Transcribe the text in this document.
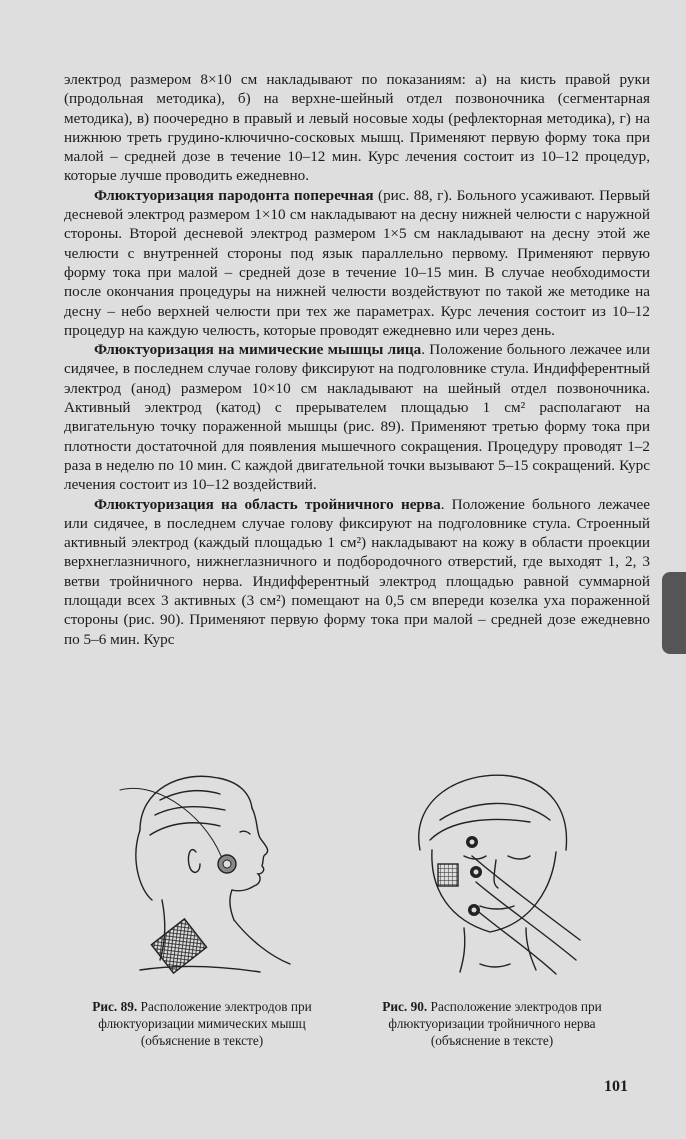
электрод размером 8×10 см накладывают по показаниям: а) на кисть правой руки (продольная методика), б) на верхне-шейный отдел позвоночника (сегментарная методика), в) поочередно в правый и левый носовые ходы (рефлекторная методика), г) на нижнюю треть грудино-ключично-сосковых мышц. Применяют первую форму тока при малой – средней дозе в течение 10–12 мин. Курс лечения состоит из 10–12 процедур, которые лучше проводить ежедневно.

Флюктуоризация пародонта поперечная (рис. 88, г). Больного усаживают. Первый десневой электрод размером 1×10 см накладывают на десну нижней челюсти с наружной стороны. Второй десневой электрод размером 1×5 см накладывают на десну этой же челюсти с внутренней стороны под язык параллельно первому. Применяют первую форму тока при малой – средней дозе в течение 10–15 мин. В случае необходимости после окончания процедуры на нижней челюсти воздействуют по такой же методике на десну – небо верхней челюсти при тех же параметрах. Курс лечения состоит из 10–12 процедур на каждую челюсть, которые проводят ежедневно или через день.

Флюктуоризация на мимические мышцы лица. Положение больного лежачее или сидячее, в последнем случае голову фиксируют на подголовнике стула. Индифферентный электрод (анод) размером 10×10 см накладывают на шейный отдел позвоночника. Активный электрод (катод) с прерывателем площадью 1 см² располагают на двигательную точку пораженной мышцы (рис. 89). Применяют третью форму тока при плотности достаточной для появления мышечного сокращения. Процедуру проводят 1–2 раза в неделю по 10 мин. С каждой двигательной точки вызывают 5–15 сокращений. Курс лечения состоит из 10–12 воздействий.

Флюктуоризация на область тройничного нерва. Положение больного лежачее или сидячее, в последнем случае голову фиксируют на подголовнике стула. Строенный активный электрод (каждый площадью 1 см²) накладывают на кожу в области проекции верхнеглазничного, нижнеглазничного и подбородочного отверстий, где выходят 1, 2, 3 ветви тройничного нерва. Индифферентный электрод площадью равной суммарной площади всех 3 активных (3 см²) помещают на 0,5 см впереди козелка уха пораженной стороны (рис. 90). Применяют первую форму тока при малой – средней дозе ежедневно по 5–6 мин. Курс

Рис. 89. Расположение электродов при флюктуоризации мимических мышц (объяснение в тексте)
Рис. 90. Расположение электродов при флюктуоризации тройничного нерва (объяснение в тексте)
101
